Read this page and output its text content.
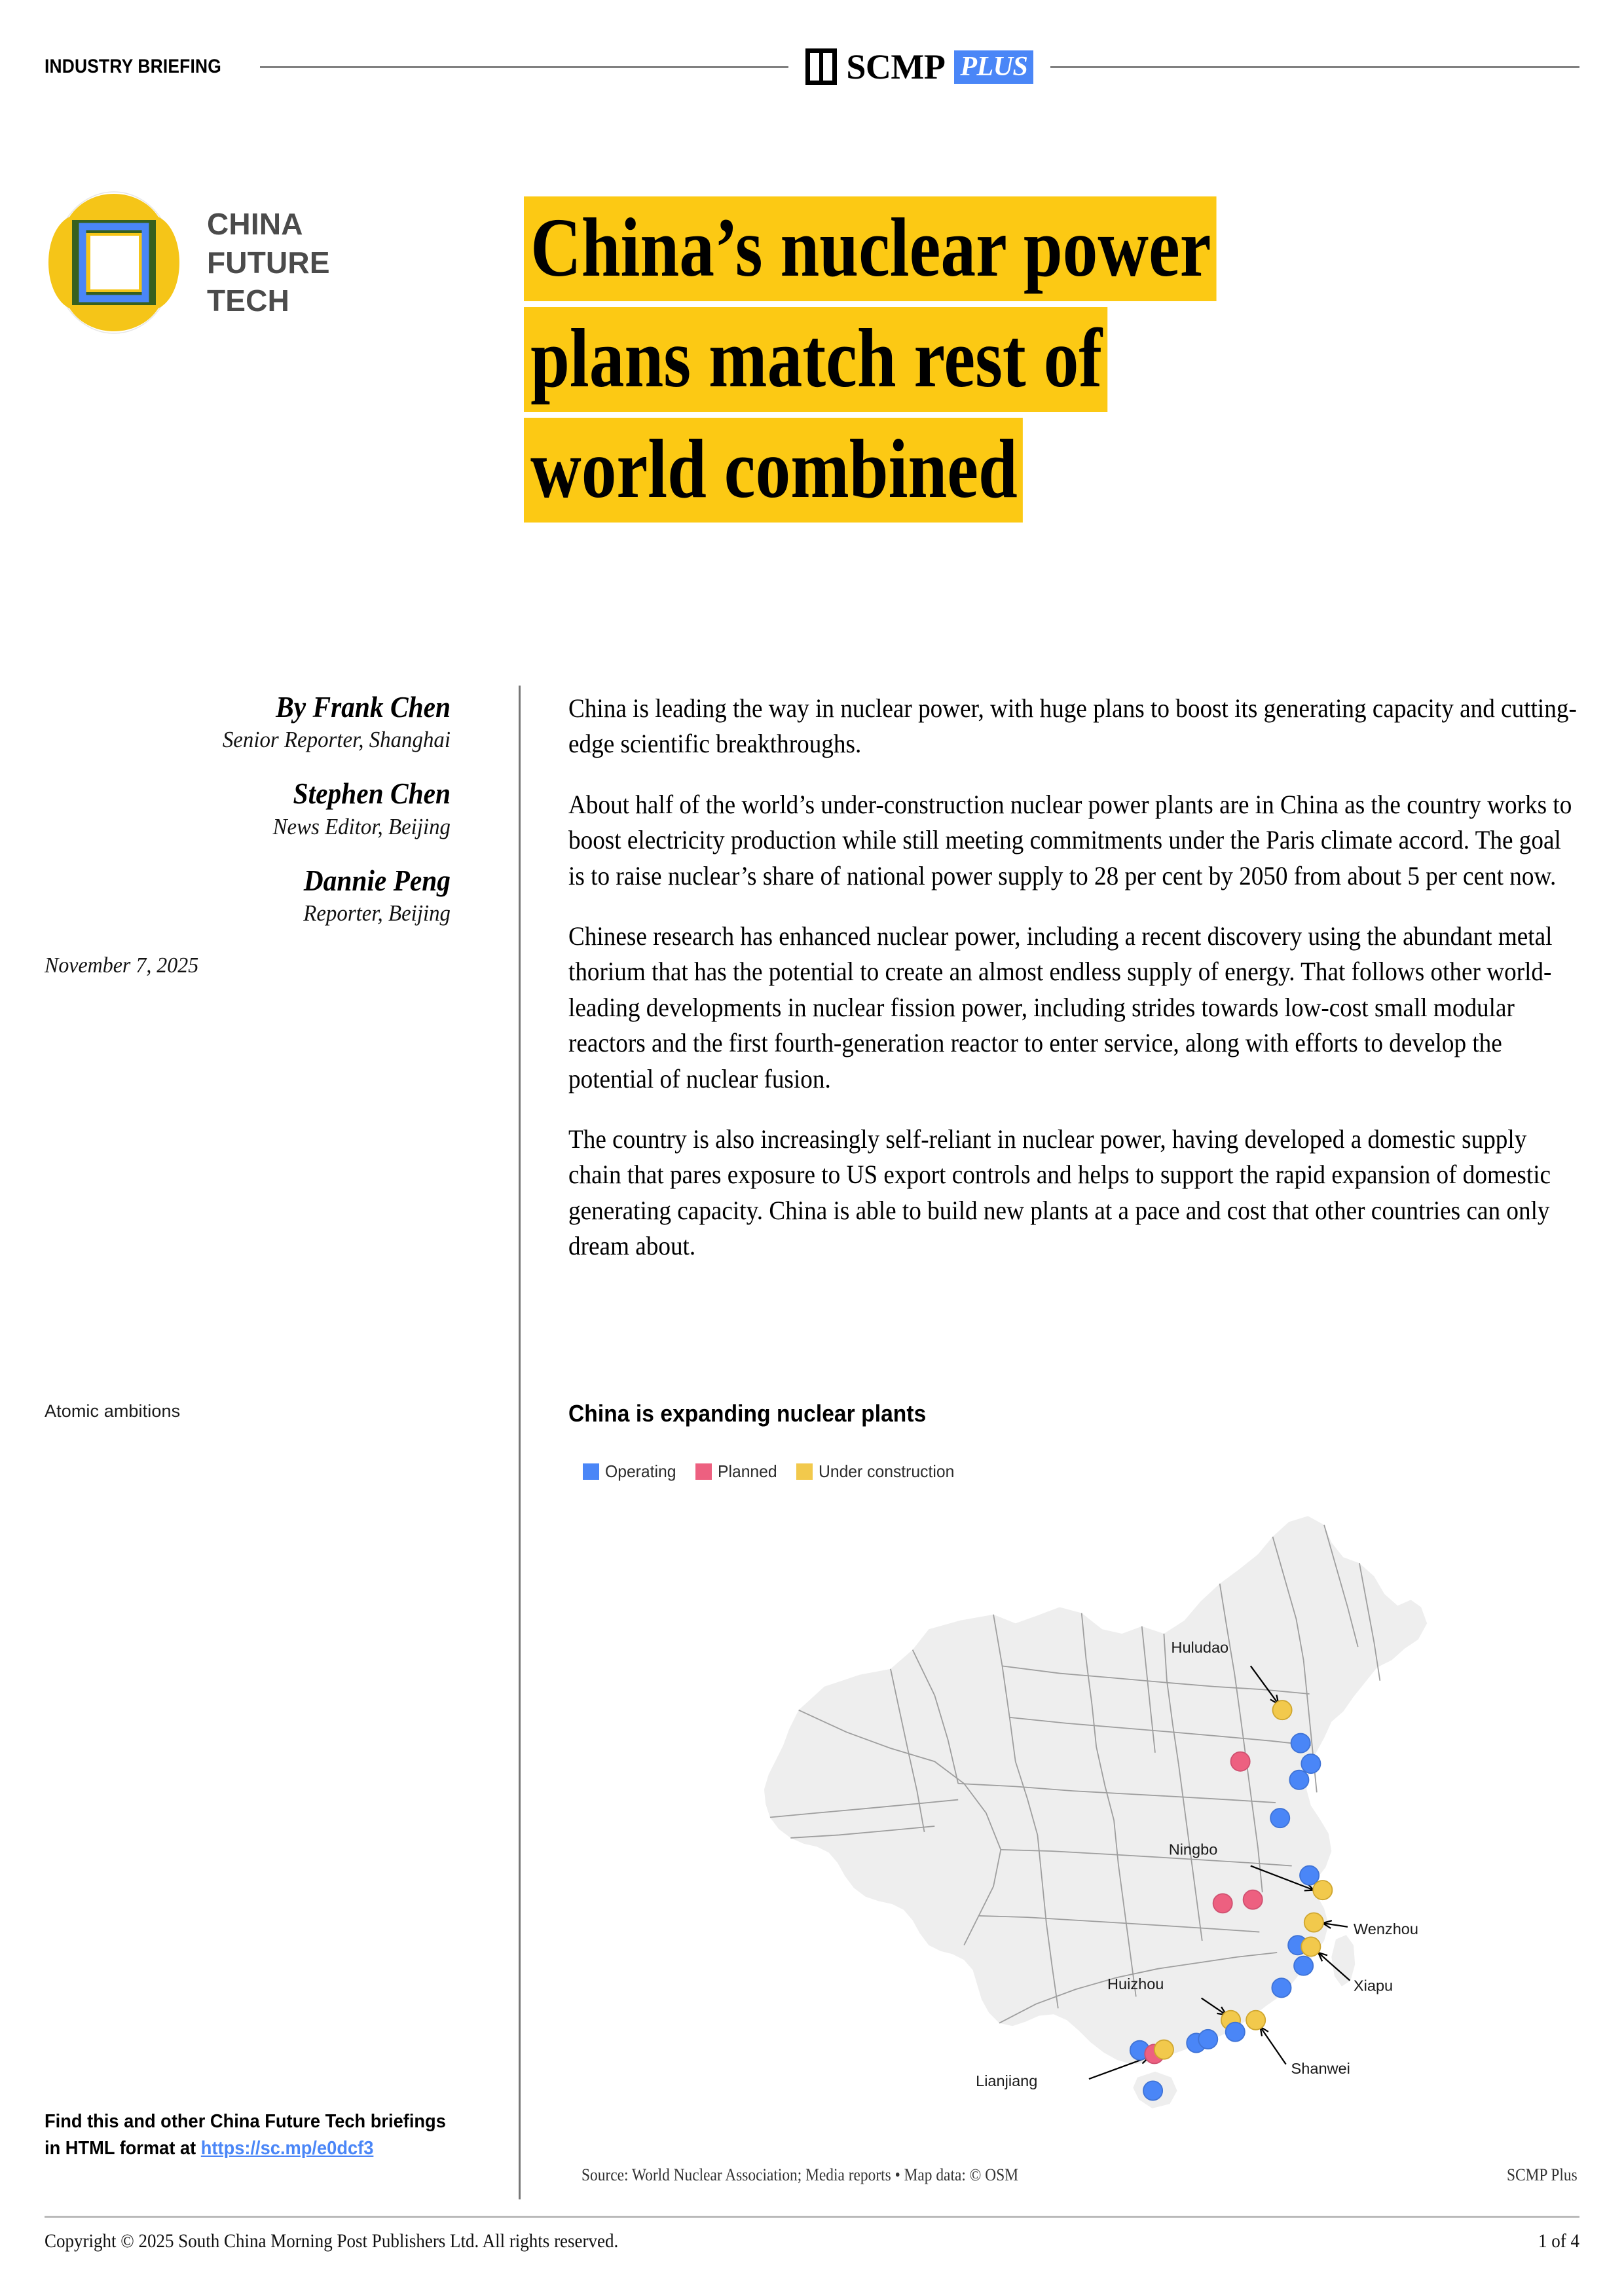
INDUSTRY BRIEFING	SCMP PLUS
CHINA
FUTURE
TECH
China’s nuclear power
plans match rest of
world combined
By Frank Chen
Senior Reporter, Shanghai
Stephen Chen
News Editor, Beijing
Dannie Peng
Reporter, Beijing
November 7, 2025
Atomic ambitions

China is leading the way in nuclear power, with huge plans to boost its generating capacity and cutting-edge scientific breakthroughs.

About half of the world’s under-construction nuclear power plants are in China as the country works to boost electricity production while still meeting commitments under the Paris climate accord. The goal is to raise nuclear’s share of national power supply to 28 per cent by 2050 from about 5 per cent now.

Chinese research has enhanced nuclear power, including a recent discovery using the abundant metal thorium that has the potential to create an almost endless supply of energy. That follows other world-leading developments in nuclear fission power, including strides towards low-cost small modular reactors and the first fourth-generation reactor to enter service, along with efforts to develop the potential of nuclear fusion.

The country is also increasingly self-reliant in nuclear power, having developed a domestic supply chain that pares exposure to US export controls and helps to support the rapid expansion of domestic generating capacity. China is able to build new plants at a pace and cost that other countries can only dream about.

China is expanding nuclear plants
Operating Planned Under construction
Huludao
Ningbo
Wenzhou
Xiapu
Huizhou
Shanwei
Lianjiang
Source: World Nuclear Association; Media reports • Map data: © OSM	SCMP Plus
Find this and other China Future Tech briefings in HTML format at https://sc.mp/e0dcf3
Copyright © 2025 South China Morning Post Publishers Ltd. All rights reserved.	1 of 4
